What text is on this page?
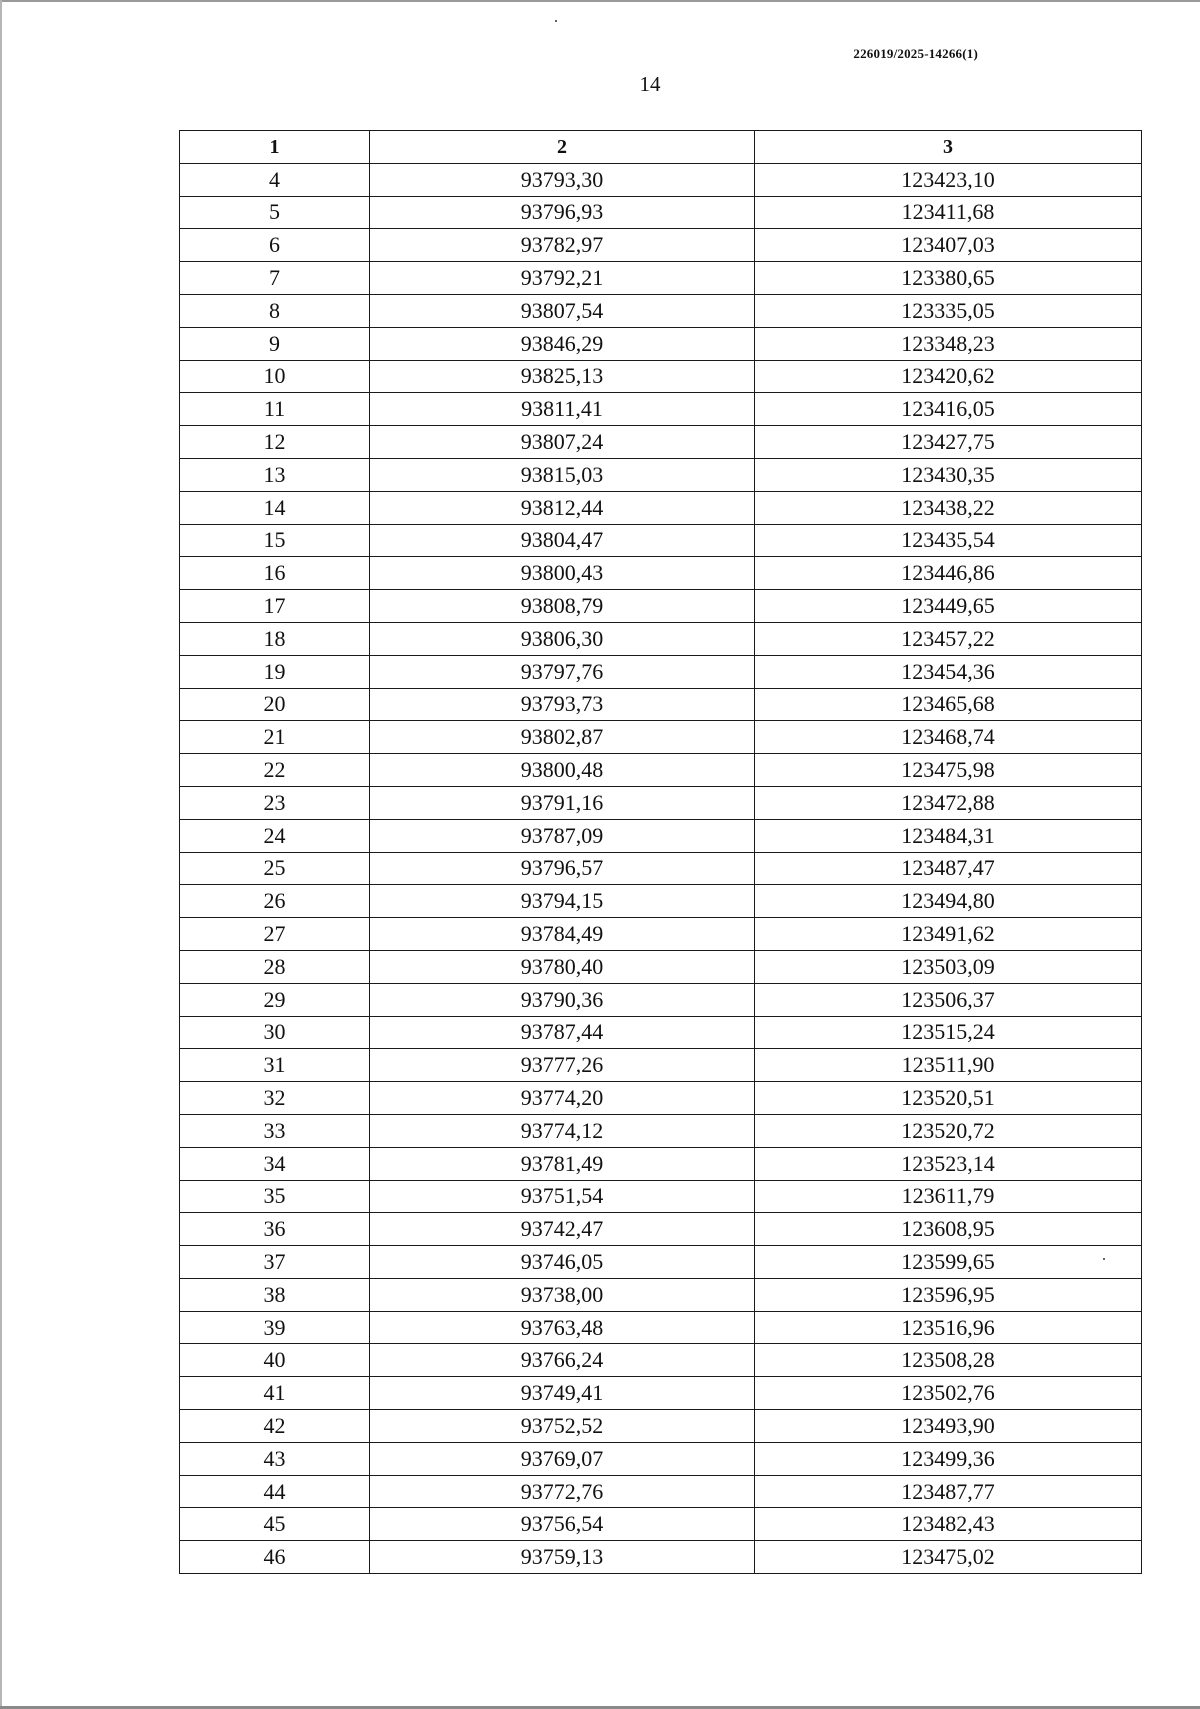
226019/2025-14266(1)
14
1	2	3
4	93793,30	123423,10
5	93796,93	123411,68
6	93782,97	123407,03
7	93792,21	123380,65
8	93807,54	123335,05
9	93846,29	123348,23
10	93825,13	123420,62
11	93811,41	123416,05
12	93807,24	123427,75
13	93815,03	123430,35
14	93812,44	123438,22
15	93804,47	123435,54
16	93800,43	123446,86
17	93808,79	123449,65
18	93806,30	123457,22
19	93797,76	123454,36
20	93793,73	123465,68
21	93802,87	123468,74
22	93800,48	123475,98
23	93791,16	123472,88
24	93787,09	123484,31
25	93796,57	123487,47
26	93794,15	123494,80
27	93784,49	123491,62
28	93780,40	123503,09
29	93790,36	123506,37
30	93787,44	123515,24
31	93777,26	123511,90
32	93774,20	123520,51
33	93774,12	123520,72
34	93781,49	123523,14
35	93751,54	123611,79
36	93742,47	123608,95
37	93746,05	123599,65
38	93738,00	123596,95
39	93763,48	123516,96
40	93766,24	123508,28
41	93749,41	123502,76
42	93752,52	123493,90
43	93769,07	123499,36
44	93772,76	123487,77
45	93756,54	123482,43
46	93759,13	123475,02
